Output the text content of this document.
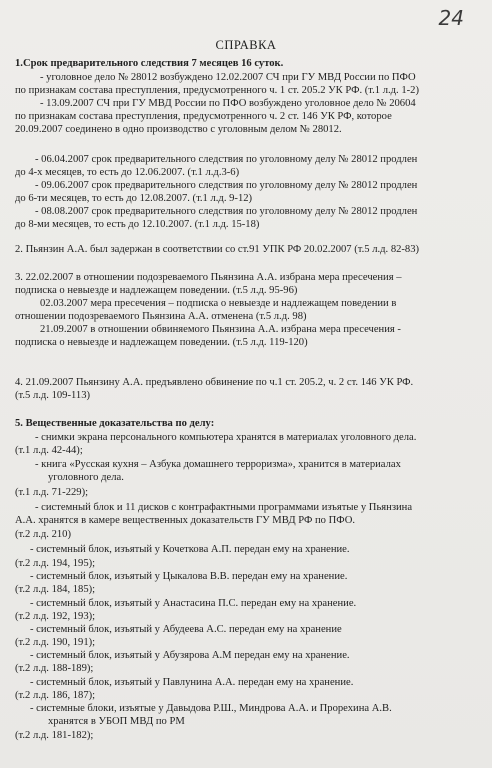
24
СПРАВКА
1.Срок предварительного следствия 7 месяцев 16 суток.
- уголовное дело № 28012 возбуждено 12.02.2007 СЧ при ГУ МВД России по ПФО
по признакам состава преступления, предусмотренного ч. 1 ст. 205.2 УК РФ. (т.1 л.д. 1-2)
- 13.09.2007 СЧ при ГУ МВД России по ПФО возбуждено уголовное дело № 20604
по признакам состава преступления, предусмотренного ч. 2 ст. 146 УК РФ, которое
20.09.2007 соединено в одно производство с уголовным делом № 28012.
- 06.04.2007 срок предварительного следствия по уголовному делу № 28012 продлен
до 4-х месяцев, то есть до 12.06.2007. (т.1 л.д.3-6)
- 09.06.2007 срок предварительного следствия по уголовному делу № 28012 продлен
до 6-ти месяцев, то есть до 12.08.2007. (т.1 л.д. 9-12)
- 08.08.2007 срок предварительного следствия по уголовному делу № 28012 продлен
до 8-ми месяцев, то есть до 12.10.2007. (т.1 л.д. 15-18)
2. Пьянзин А.А. был задержан в соответствии со ст.91 УПК РФ 20.02.2007 (т.5 л.д. 82-83)
3. 22.02.2007 в отношении подозреваемого Пьянзина А.А. избрана мера пресечения –
подписка о невыезде и надлежащем поведении. (т.5 л.д. 95-96)
02.03.2007 мера пресечения – подписка о невыезде и надлежащем поведении в
отношении подозреваемого Пьянзина А.А. отменена (т.5 л.д. 98)
21.09.2007 в отношении обвиняемого Пьянзина А.А. избрана мера пресечения -
подписка о невыезде и надлежащем поведении. (т.5 л.д. 119-120)
4. 21.09.2007 Пьянзину А.А. предъявлено обвинение по ч.1 ст. 205.2, ч. 2 ст. 146 УК РФ.
(т.5 л.д. 109-113)
5. Вещественные доказательства по делу:
- снимки экрана персонального компьютера хранятся в материалах уголовного дела.
(т.1 л.д. 42-44);
- книга «Русская кухня – Азбука домашнего терроризма», хранится в материалах
уголовного дела.
(т.1 л.д. 71-229);
- системный блок и 11 дисков с контрафактными программами изъятые у Пьянзина
А.А. хранятся в камере вещественных доказательств ГУ МВД РФ по ПФО.
(т.2 л.д. 210)
- системный блок, изъятый у Кочеткова А.П. передан ему на хранение.
(т.2 л.д. 194, 195);
- системный блок, изъятый у Цыкалова В.В. передан ему на хранение.
(т.2 л.д. 184, 185);
- системный блок, изъятый у Анастасина П.С. передан ему на хранение.
(т.2 л.д. 192, 193);
- системный блок, изъятый у Абудеева А.С. передан ему на хранение
(т.2 л.д. 190, 191);
- системный блок, изъятый у Абузярова А.М передан ему на хранение.
(т.2 л.д. 188-189);
- системный блок, изъятый у Павлунина А.А. передан ему на хранение.
(т.2 л.д. 186, 187);
- системные блоки, изъятые у Давыдова Р.Ш., Миндрова А.А. и Прорехина А.В.
хранятся в УБОП МВД по РМ
(т.2 л.д. 181-182);
